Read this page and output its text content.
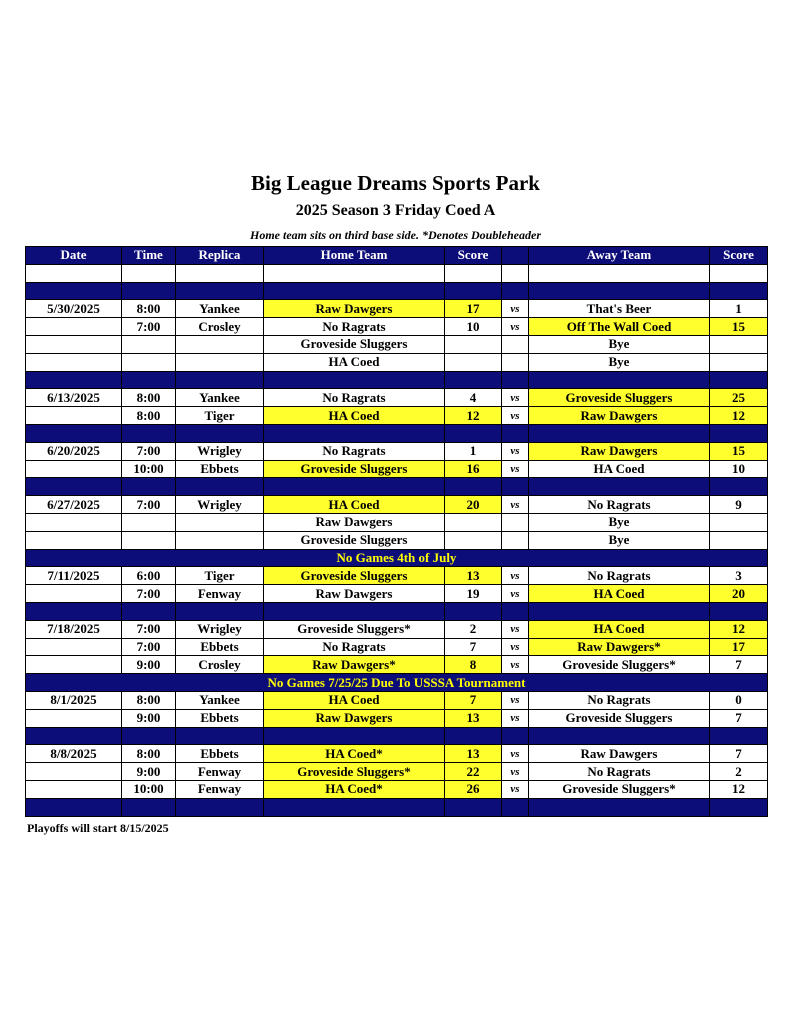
Big League Dreams Sports Park
2025 Season 3 Friday Coed A
Home team sits on third base side. *Denotes Doubleheader
Date	Time	Replica	Home Team	Score		Away Team	Score

5/30/2025	8:00	Yankee	Raw Dawgers	17	vs	That's Beer	1
	7:00	Crosley	No Ragrats	10	vs	Off The Wall Coed	15
			Groveside Sluggers			Bye	
			HA Coed			Bye	

6/13/2025	8:00	Yankee	No Ragrats	4	vs	Groveside Sluggers	25
	8:00	Tiger	HA Coed	12	vs	Raw Dawgers	12

6/20/2025	7:00	Wrigley	No Ragrats	1	vs	Raw Dawgers	15
	10:00	Ebbets	Groveside Sluggers	16	vs	HA Coed	10

6/27/2025	7:00	Wrigley	HA Coed	20	vs	No Ragrats	9
			Raw Dawgers			Bye	
			Groveside Sluggers			Bye	
No Games 4th of July							
7/11/2025	6:00	Tiger	Groveside Sluggers	13	vs	No Ragrats	3
	7:00	Fenway	Raw Dawgers	19	vs	HA Coed	20

7/18/2025	7:00	Wrigley	Groveside Sluggers*	2	vs	HA Coed	12
	7:00	Ebbets	No Ragrats	7	vs	Raw Dawgers*	17
	9:00	Crosley	Raw Dawgers*	8	vs	Groveside Sluggers*	7
No Games 7/25/25 Due To USSSA Tournament							
8/1/2025	8:00	Yankee	HA Coed	7	vs	No Ragrats	0
	9:00	Ebbets	Raw Dawgers	13	vs	Groveside Sluggers	7

8/8/2025	8:00	Ebbets	HA Coed*	13	vs	Raw Dawgers	7
	9:00	Fenway	Groveside Sluggers*	22	vs	No Ragrats	2
	10:00	Fenway	HA Coed*	26	vs	Groveside Sluggers*	12

Playoffs will start 8/15/2025
